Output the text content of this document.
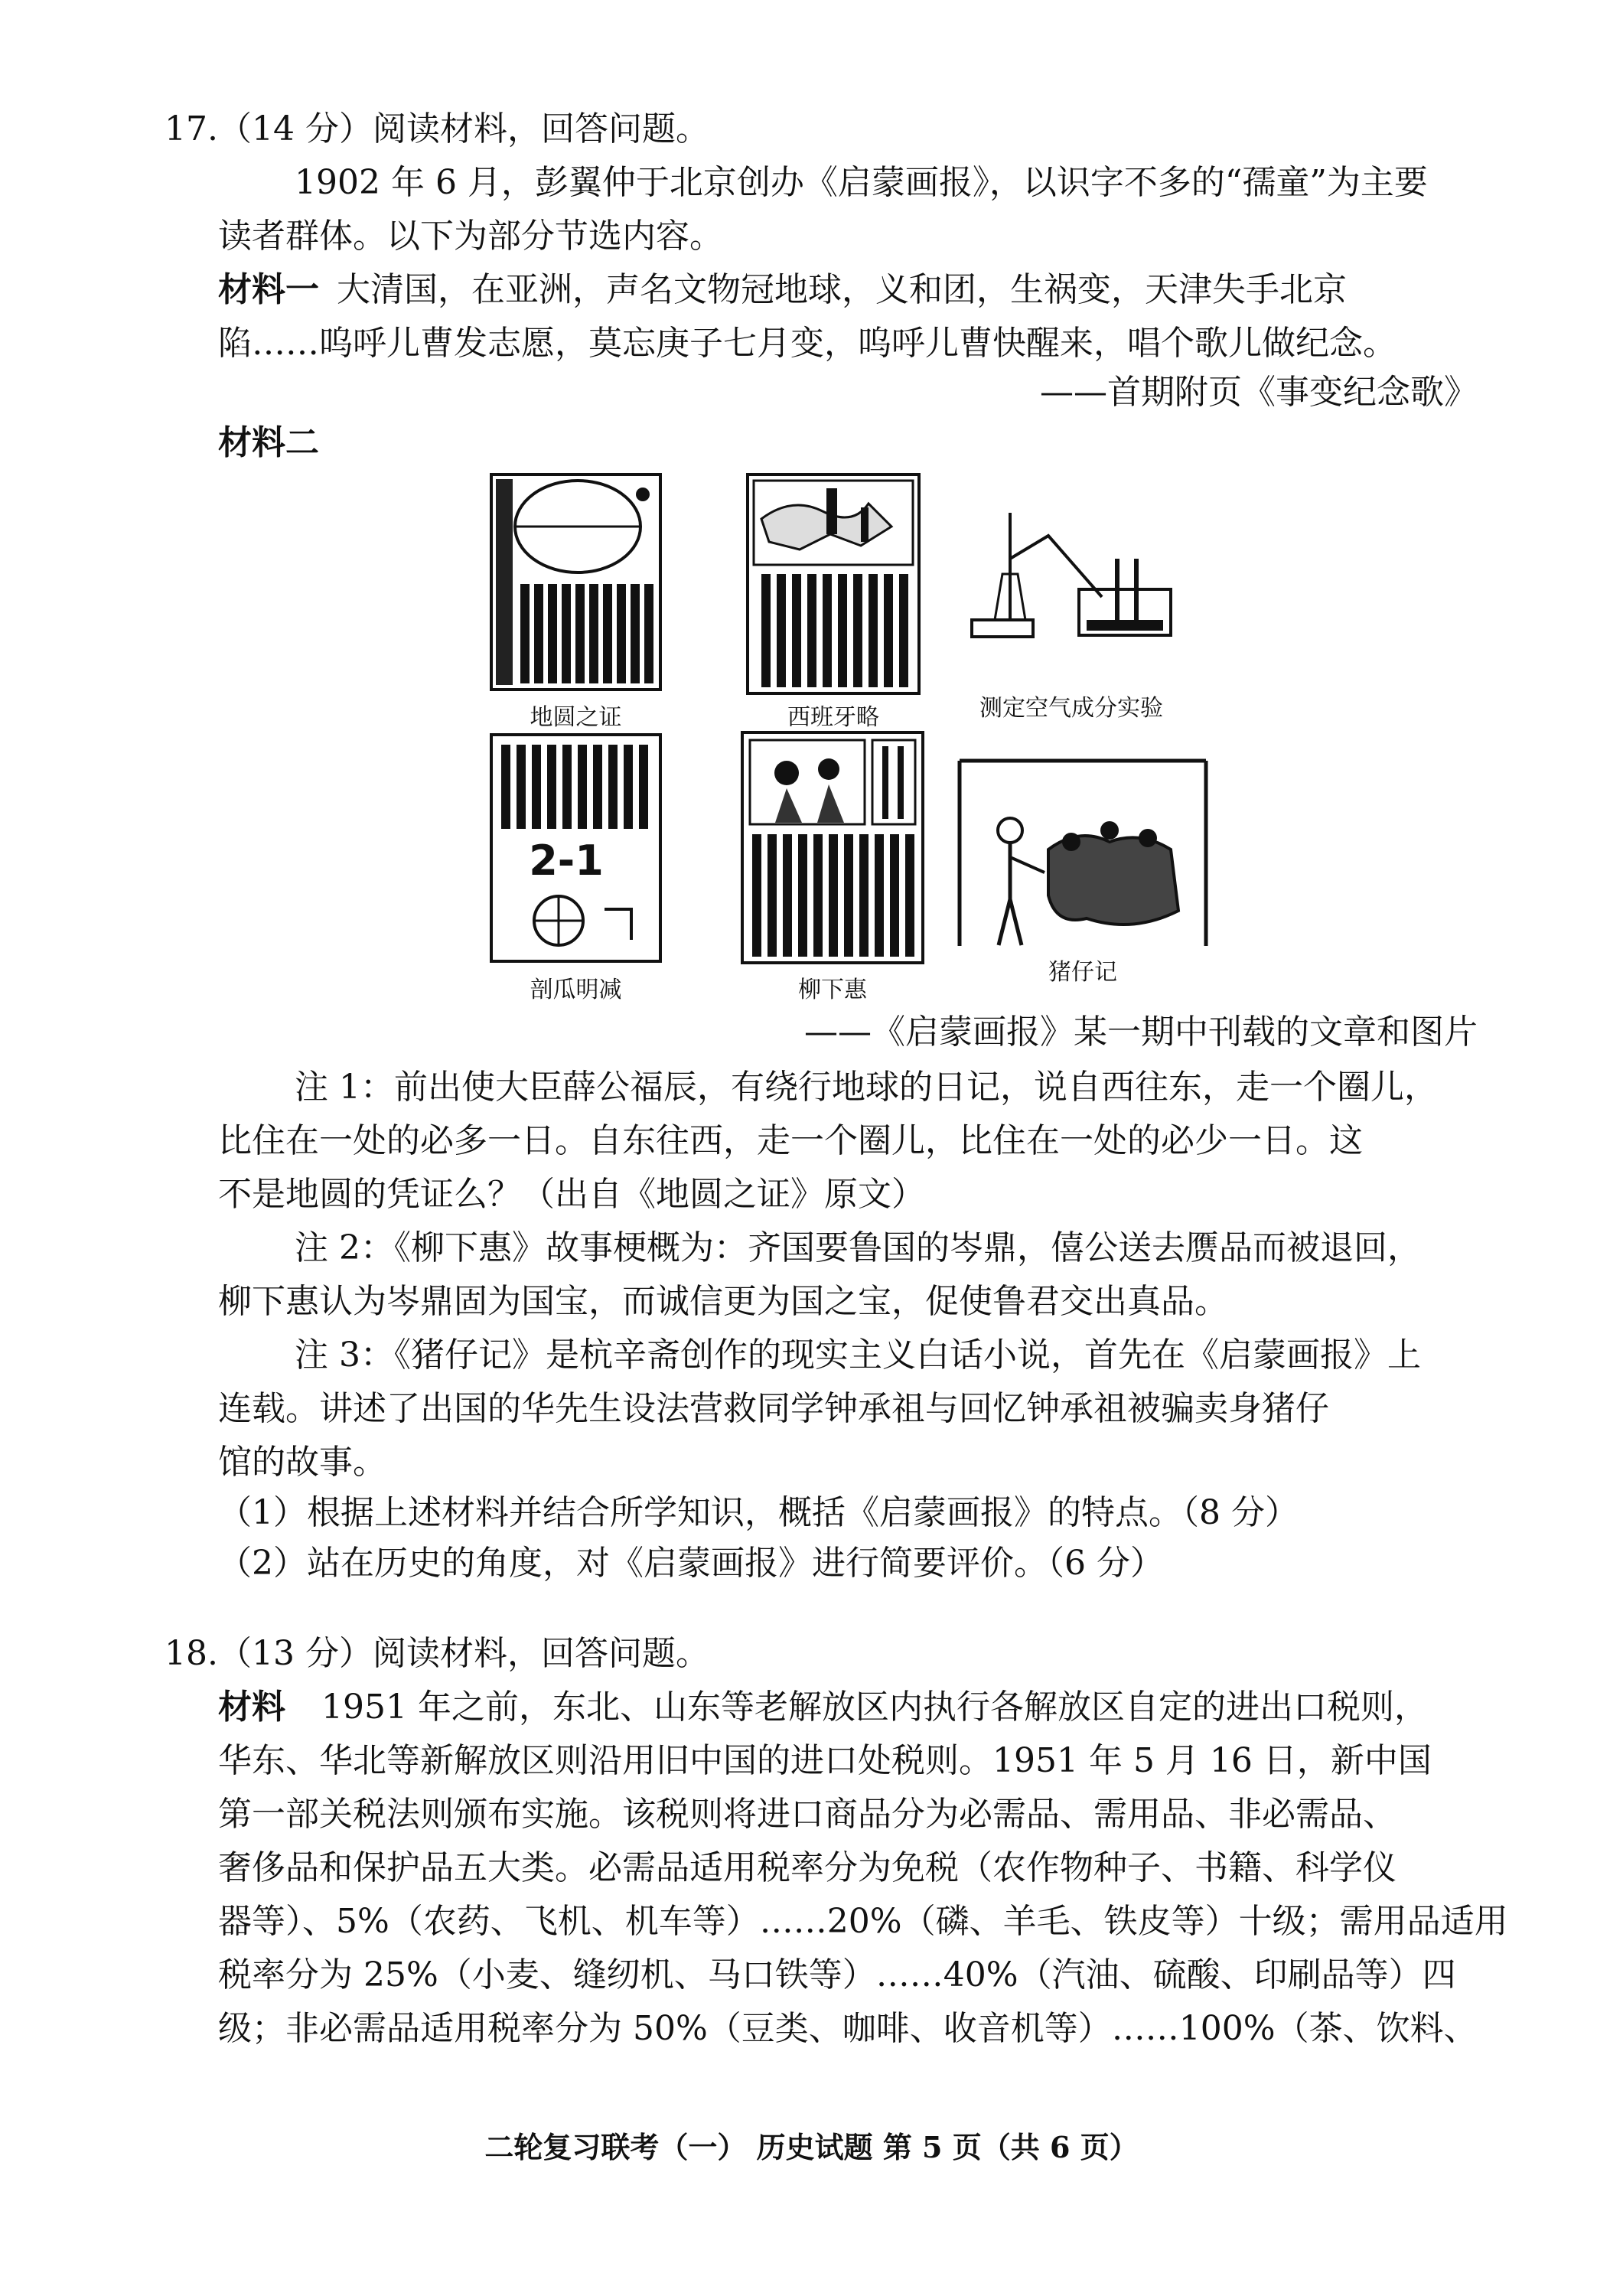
17.（14 分）阅读材料，回答问题。
1902 年 6 月，彭翼仲于北京创办《启蒙画报》，以识字不多的“孺童”为主要
读者群体。以下为部分节选内容。
材料一 大清国，在亚洲，声名文物冠地球，义和团，生祸变，天津失手北京
陷……呜呼儿曹发志愿，莫忘庚子七月变，呜呼儿曹快醒来，唱个歌儿做纪念。
——首期附页《事变纪念歌》
材料二
地圆之证	西班牙略	测定空气成分实验
2-1
剖瓜明减	柳下惠
猪仔记
——《启蒙画报》某一期中刊载的文章和图片
注 1：前出使大臣薛公福辰，有绕行地球的日记，说自西往东，走一个圈儿，
比住在一处的必多一日。自东往西，走一个圈儿，比住在一处的必少一日。这
不是地圆的凭证么？（出自《地圆之证》原文）
注 2：《柳下惠》故事梗概为：齐国要鲁国的岑鼎，僖公送去赝品而被退回，
柳下惠认为岑鼎固为国宝，而诚信更为国之宝，促使鲁君交出真品。
注 3：《猪仔记》是杭辛斋创作的现实主义白话小说，首先在《启蒙画报》上
连载。讲述了出国的华先生设法营救同学钟承祖与回忆钟承祖被骗卖身猪仔
馆的故事。
（1）根据上述材料并结合所学知识，概括《启蒙画报》的特点。（8 分）
（2）站在历史的角度，对《启蒙画报》进行简要评价。（6 分）
18.（13 分）阅读材料，回答问题。
材料 1951 年之前，东北、山东等老解放区内执行各解放区自定的进出口税则，
华东、华北等新解放区则沿用旧中国的进口处税则。1951 年 5 月 16 日，新中国
第一部关税法则颁布实施。该税则将进口商品分为必需品、需用品、非必需品、
奢侈品和保护品五大类。必需品适用税率分为免税（农作物种子、书籍、科学仪
器等）、5%（农药、飞机、机车等）……20%（磷、羊毛、铁皮等）十级；需用品适用
税率分为 25%（小麦、缝纫机、马口铁等）……40%（汽油、硫酸、印刷品等）四
级；非必需品适用税率分为 50%（豆类、咖啡、收音机等）……100%（茶、饮料、
二轮复习联考（一） 历史试题 第 5 页（共 6 页）
